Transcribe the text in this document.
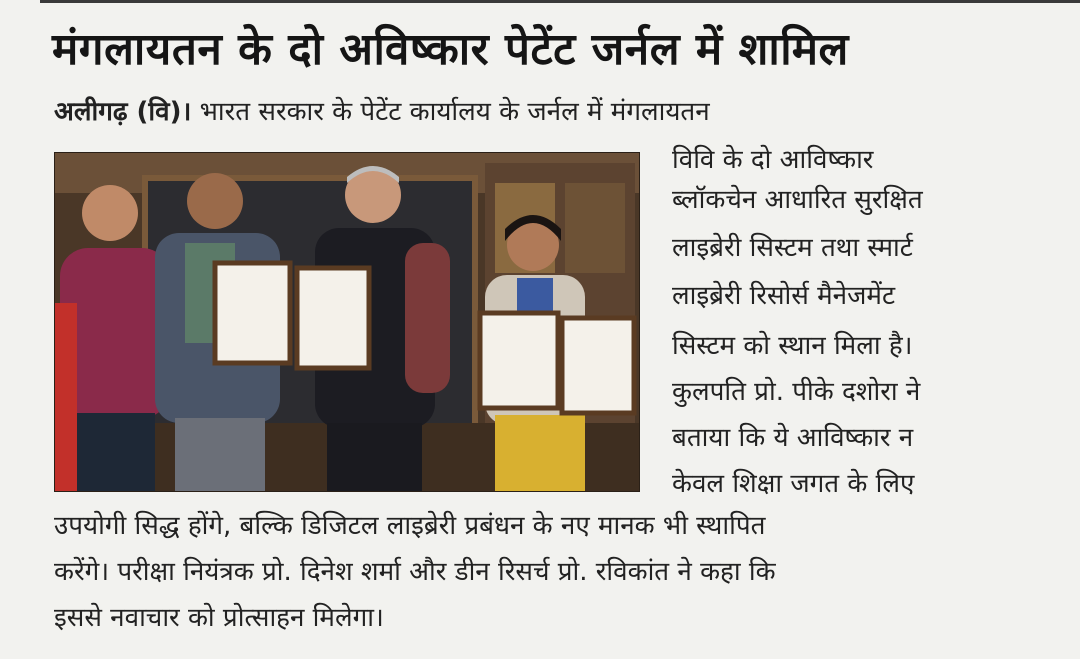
मंगलायतन के दो अविष्कार पेटेंट जर्नल में शामिल
अलीगढ़ (वि)। भारत सरकार के पेटेंट कार्यालय के जर्नल में मंगलायतन
विवि के दो आविष्कार
ब्लॉकचेन आधारित सुरक्षित
लाइब्रेरी सिस्टम तथा स्मार्ट
लाइब्रेरी रिसोर्स मैनेजमेंट
सिस्टम को स्थान मिला है।
कुलपति प्रो. पीके दशोरा ने
बताया कि ये आविष्कार न
केवल शिक्षा जगत के लिए
उपयोगी सिद्ध होंगे, बल्कि डिजिटल लाइब्रेरी प्रबंधन के नए मानक भी स्थापित
करेंगे। परीक्षा नियंत्रक प्रो. दिनेश शर्मा और डीन रिसर्च प्रो. रविकांत ने कहा कि
इससे नवाचार को प्रोत्साहन मिलेगा।
